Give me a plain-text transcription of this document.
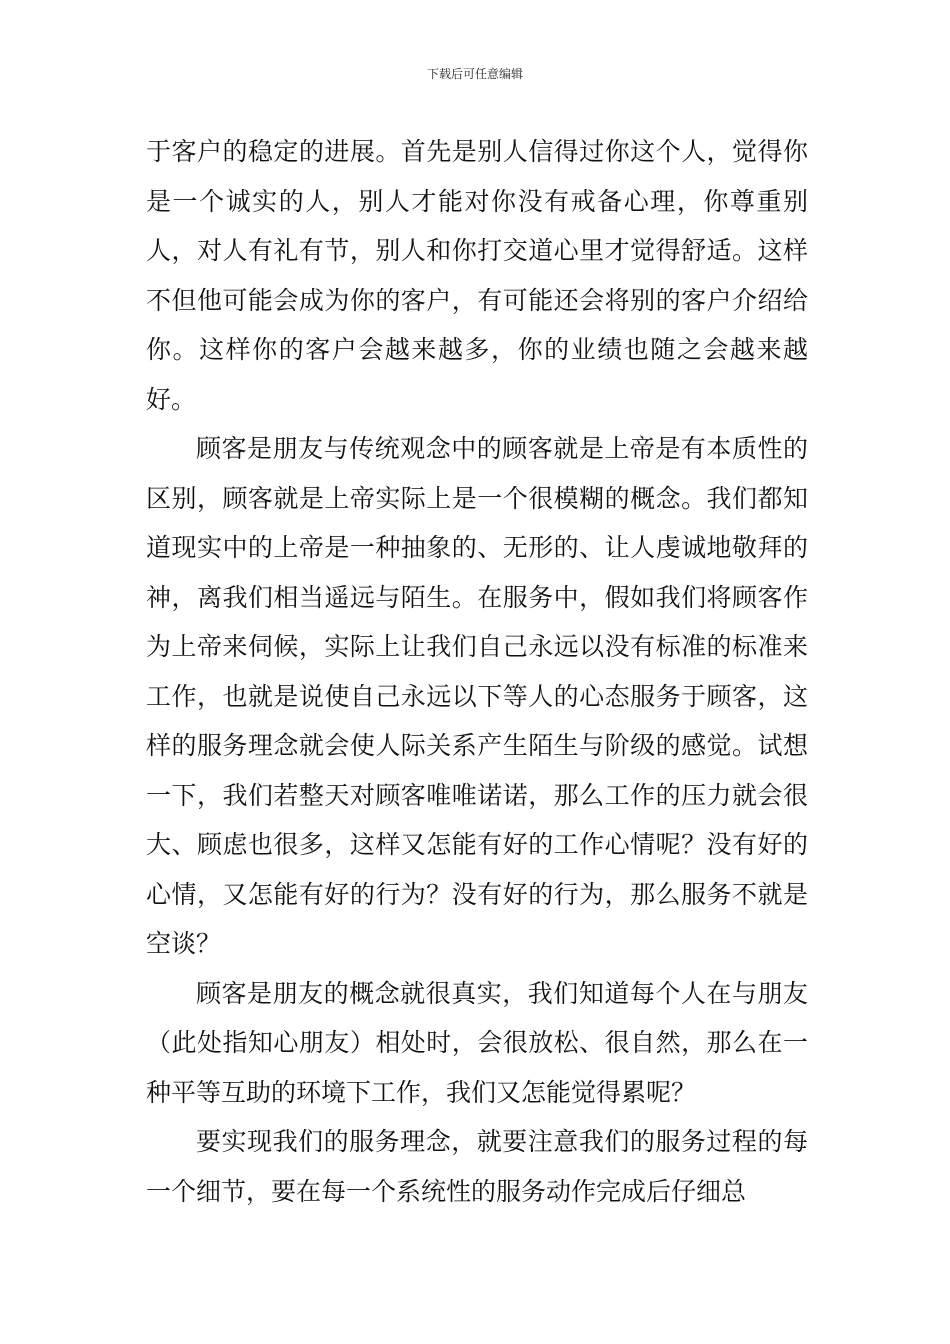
下载后可任意编辑

于客户的稳定的进展。首先是别人信得过你这个人，觉得你是一个诚实的人，别人才能对你没有戒备心理，你尊重别人，对人有礼有节，别人和你打交道心里才觉得舒适。这样不但他可能会成为你的客户，有可能还会将别的客户介绍给你。这样你的客户会越来越多，你的业绩也随之会越来越好。

顾客是朋友与传统观念中的顾客就是上帝是有本质性的区别，顾客就是上帝实际上是一个很模糊的概念。我们都知道现实中的上帝是一种抽象的、无形的、让人虔诚地敬拜的神，离我们相当遥远与陌生。在服务中，假如我们将顾客作为上帝来伺候，实际上让我们自己永远以没有标准的标准来工作，也就是说使自己永远以下等人的心态服务于顾客，这样的服务理念就会使人际关系产生陌生与阶级的感觉。试想一下，我们若整天对顾客唯唯诺诺，那么工作的压力就会很大、顾虑也很多，这样又怎能有好的工作心情呢？没有好的心情，又怎能有好的行为？没有好的行为，那么服务不就是空谈？

顾客是朋友的概念就很真实，我们知道每个人在与朋友（此处指知心朋友）相处时，会很放松、很自然，那么在一种平等互助的环境下工作，我们又怎能觉得累呢？

要实现我们的服务理念，就要注意我们的服务过程的每一个细节，要在每一个系统性的服务动作完成后仔细总
